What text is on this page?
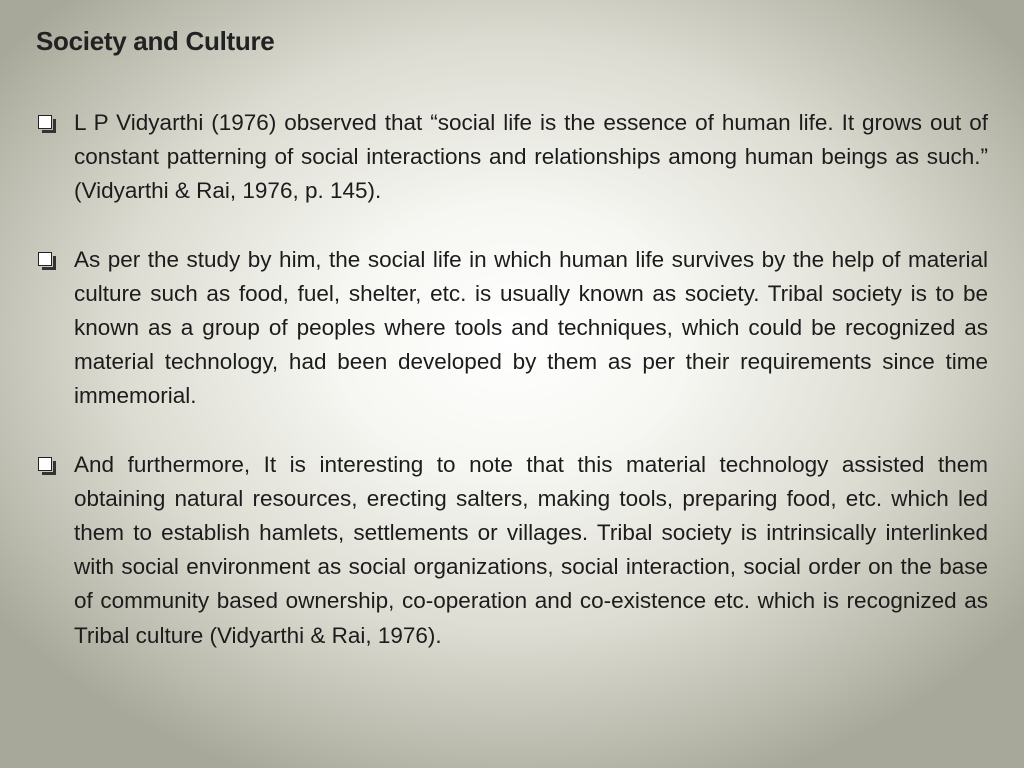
Society and Culture

L P Vidyarthi (1976) observed that “social life is the essence of human life. It grows out of constant patterning of social interactions and relationships among human beings as such.” (Vidyarthi & Rai, 1976, p. 145).

As per the study by him, the social life in which human life survives by the help of material culture such as food, fuel, shelter, etc. is usually known as society. Tribal society is to be known as a group of peoples where tools and techniques, which could be recognized as material technology, had been developed by them as per their requirements since time immemorial.

And furthermore, It is interesting to note that this material technology assisted them obtaining natural resources, erecting salters, making tools, preparing food, etc. which led them to establish hamlets, settlements or villages. Tribal society is intrinsically interlinked with social environment as social organizations, social interaction, social order on the base of community based ownership, co-operation and co-existence etc. which is recognized as Tribal culture (Vidyarthi & Rai, 1976).
